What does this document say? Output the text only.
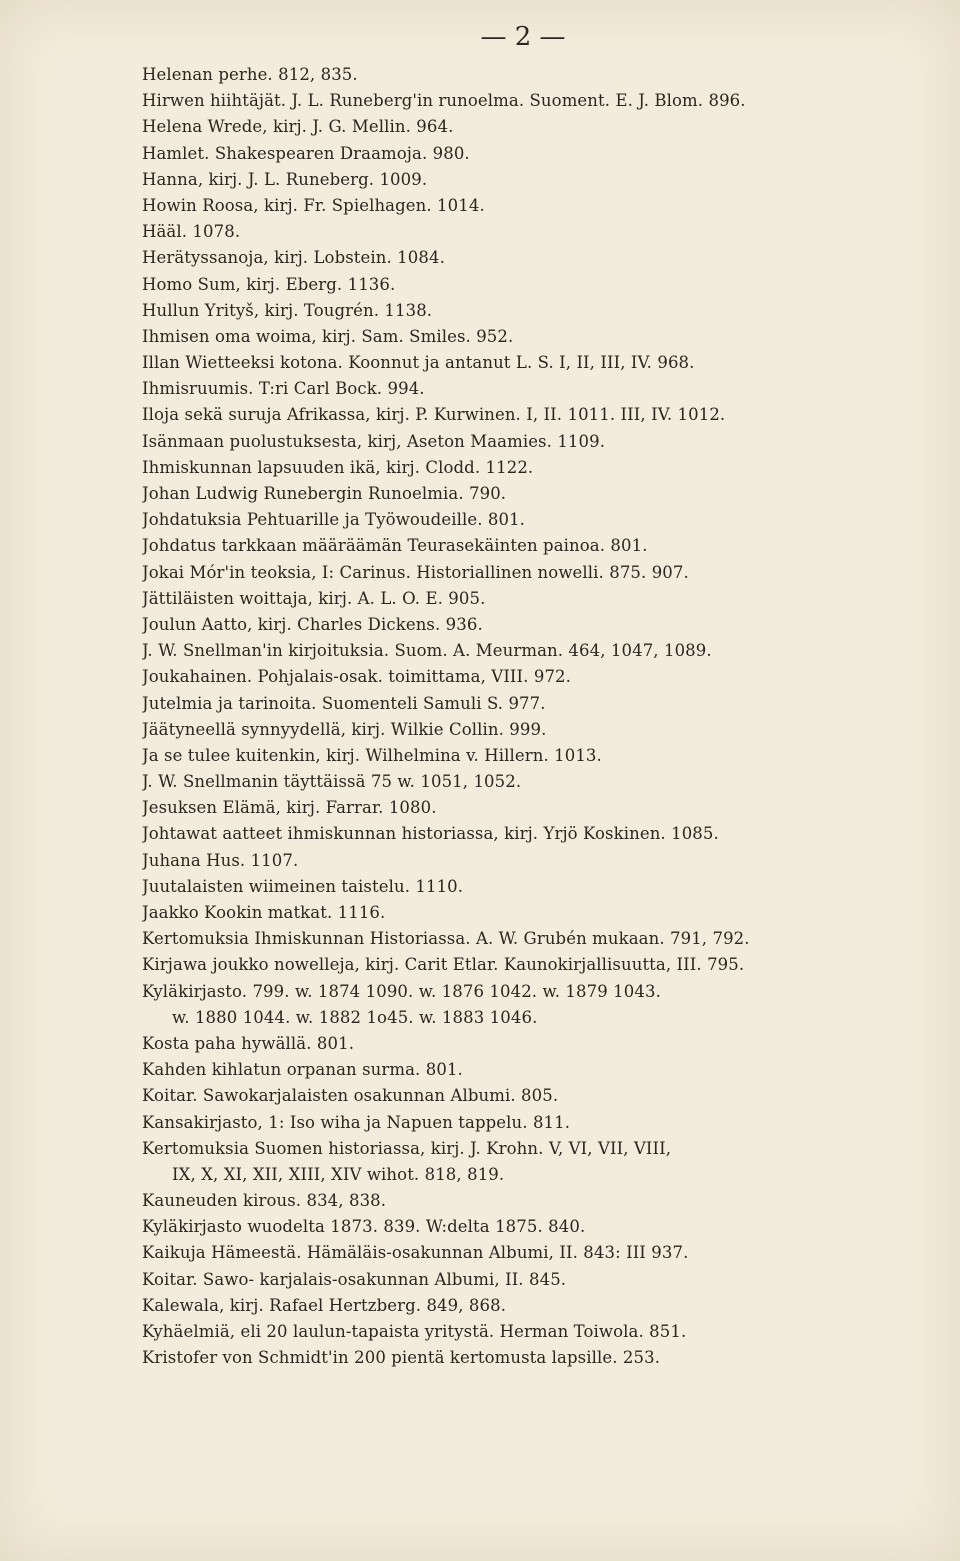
— 2 —

Helenan perhe. 812, 835.
Hirwen hiihtäjät. J. L. Runeberg'in runoelma. Suoment. E. J. Blom. 896.
Helena Wrede, kirj. J. G. Mellin. 964.
Hamlet. Shakespearen Draamoja. 980.
Hanna, kirj. J. L. Runeberg. 1009.
Howin Roosa, kirj. Fr. Spielhagen. 1014.
Hääl. 1078.
Herätyssanoja, kirj. Lobstein. 1084.
Homo Sum, kirj. Eberg. 1136.
Hullun Yrityš, kirj. Tougrén. 1138.
Ihmisen oma woima, kirj. Sam. Smiles. 952.
Illan Wietteeksi kotona. Koonnut ja antanut L. S. I, II, III, IV. 968.
Ihmisruumis. T:ri Carl Bock. 994.
Iloja sekä suruja Afrikassa, kirj. P. Kurwinen. I, II. 1011. III, IV. 1012.
Isänmaan puolustuksesta, kirj, Aseton Maamies. 1109.
Ihmiskunnan lapsuuden ikä, kirj. Clodd. 1122.
Johan Ludwig Runebergin Runoelmia. 790.
Johdatuksia Pehtuarille ja Työwoudeille. 801.
Johdatus tarkkaan määräämän Teurasekäinten painoa. 801.
Jokai Mór'in teoksia, I: Carinus. Historiallinen nowelli. 875. 907.
Jättiläisten woittaja, kirj. A. L. O. E. 905.
Joulun Aatto, kirj. Charles Dickens. 936.
J. W. Snellman'in kirjoituksia. Suom. A. Meurman. 464, 1047, 1089.
Joukahainen. Pohjalais-osak. toimittama, VIII. 972.
Jutelmia ja tarinoita. Suomenteli Samuli S. 977.
Jäätyneellä synnyydellä, kirj. Wilkie Collin. 999.
Ja se tulee kuitenkin, kirj. Wilhelmina v. Hillern. 1013.
J. W. Snellmanin täyttäissä 75 w. 1051, 1052.
Jesuksen Elämä, kirj. Farrar. 1080.
Johtawat aatteet ihmiskunnan historiassa, kirj. Yrjö Koskinen. 1085.
Juhana Hus. 1107.
Juutalaisten wiimeinen taistelu. 1110.
Jaakko Kookin matkat. 1116.
Kertomuksia Ihmiskunnan Historiassa. A. W. Grubén mukaan. 791, 792.
Kirjawa joukko nowelleja, kirj. Carit Etlar. Kaunokirjallisuutta, III. 795.
Kyläkirjasto. 799. w. 1874 1090. w. 1876 1042. w. 1879 1043.
w. 1880 1044. w. 1882 1o45. w. 1883 1046.
Kosta paha hywällä. 801.
Kahden kihlatun orpanan surma. 801.
Koitar. Sawokarjalaisten osakunnan Albumi. 805.
Kansakirjasto, 1: Iso wiha ja Napuen tappelu. 811.
Kertomuksia Suomen historiassa, kirj. J. Krohn. V, VI, VII, VIII,
IX, X, XI, XII, XIII, XIV wihot. 818, 819.
Kauneuden kirous. 834, 838.
Kyläkirjasto wuodelta 1873. 839. W:delta 1875. 840.
Kaikuja Hämeestä. Hämäläis-osakunnan Albumi, II. 843: III 937.
Koitar. Sawo- karjalais-osakunnan Albumi, II. 845.
Kalewala, kirj. Rafael Hertzberg. 849, 868.
Kyhäelmiä, eli 20 laulun-tapaista yritystä. Herman Toiwola. 851.
Kristofer von Schmidt'in 200 pientä kertomusta lapsille. 253.
